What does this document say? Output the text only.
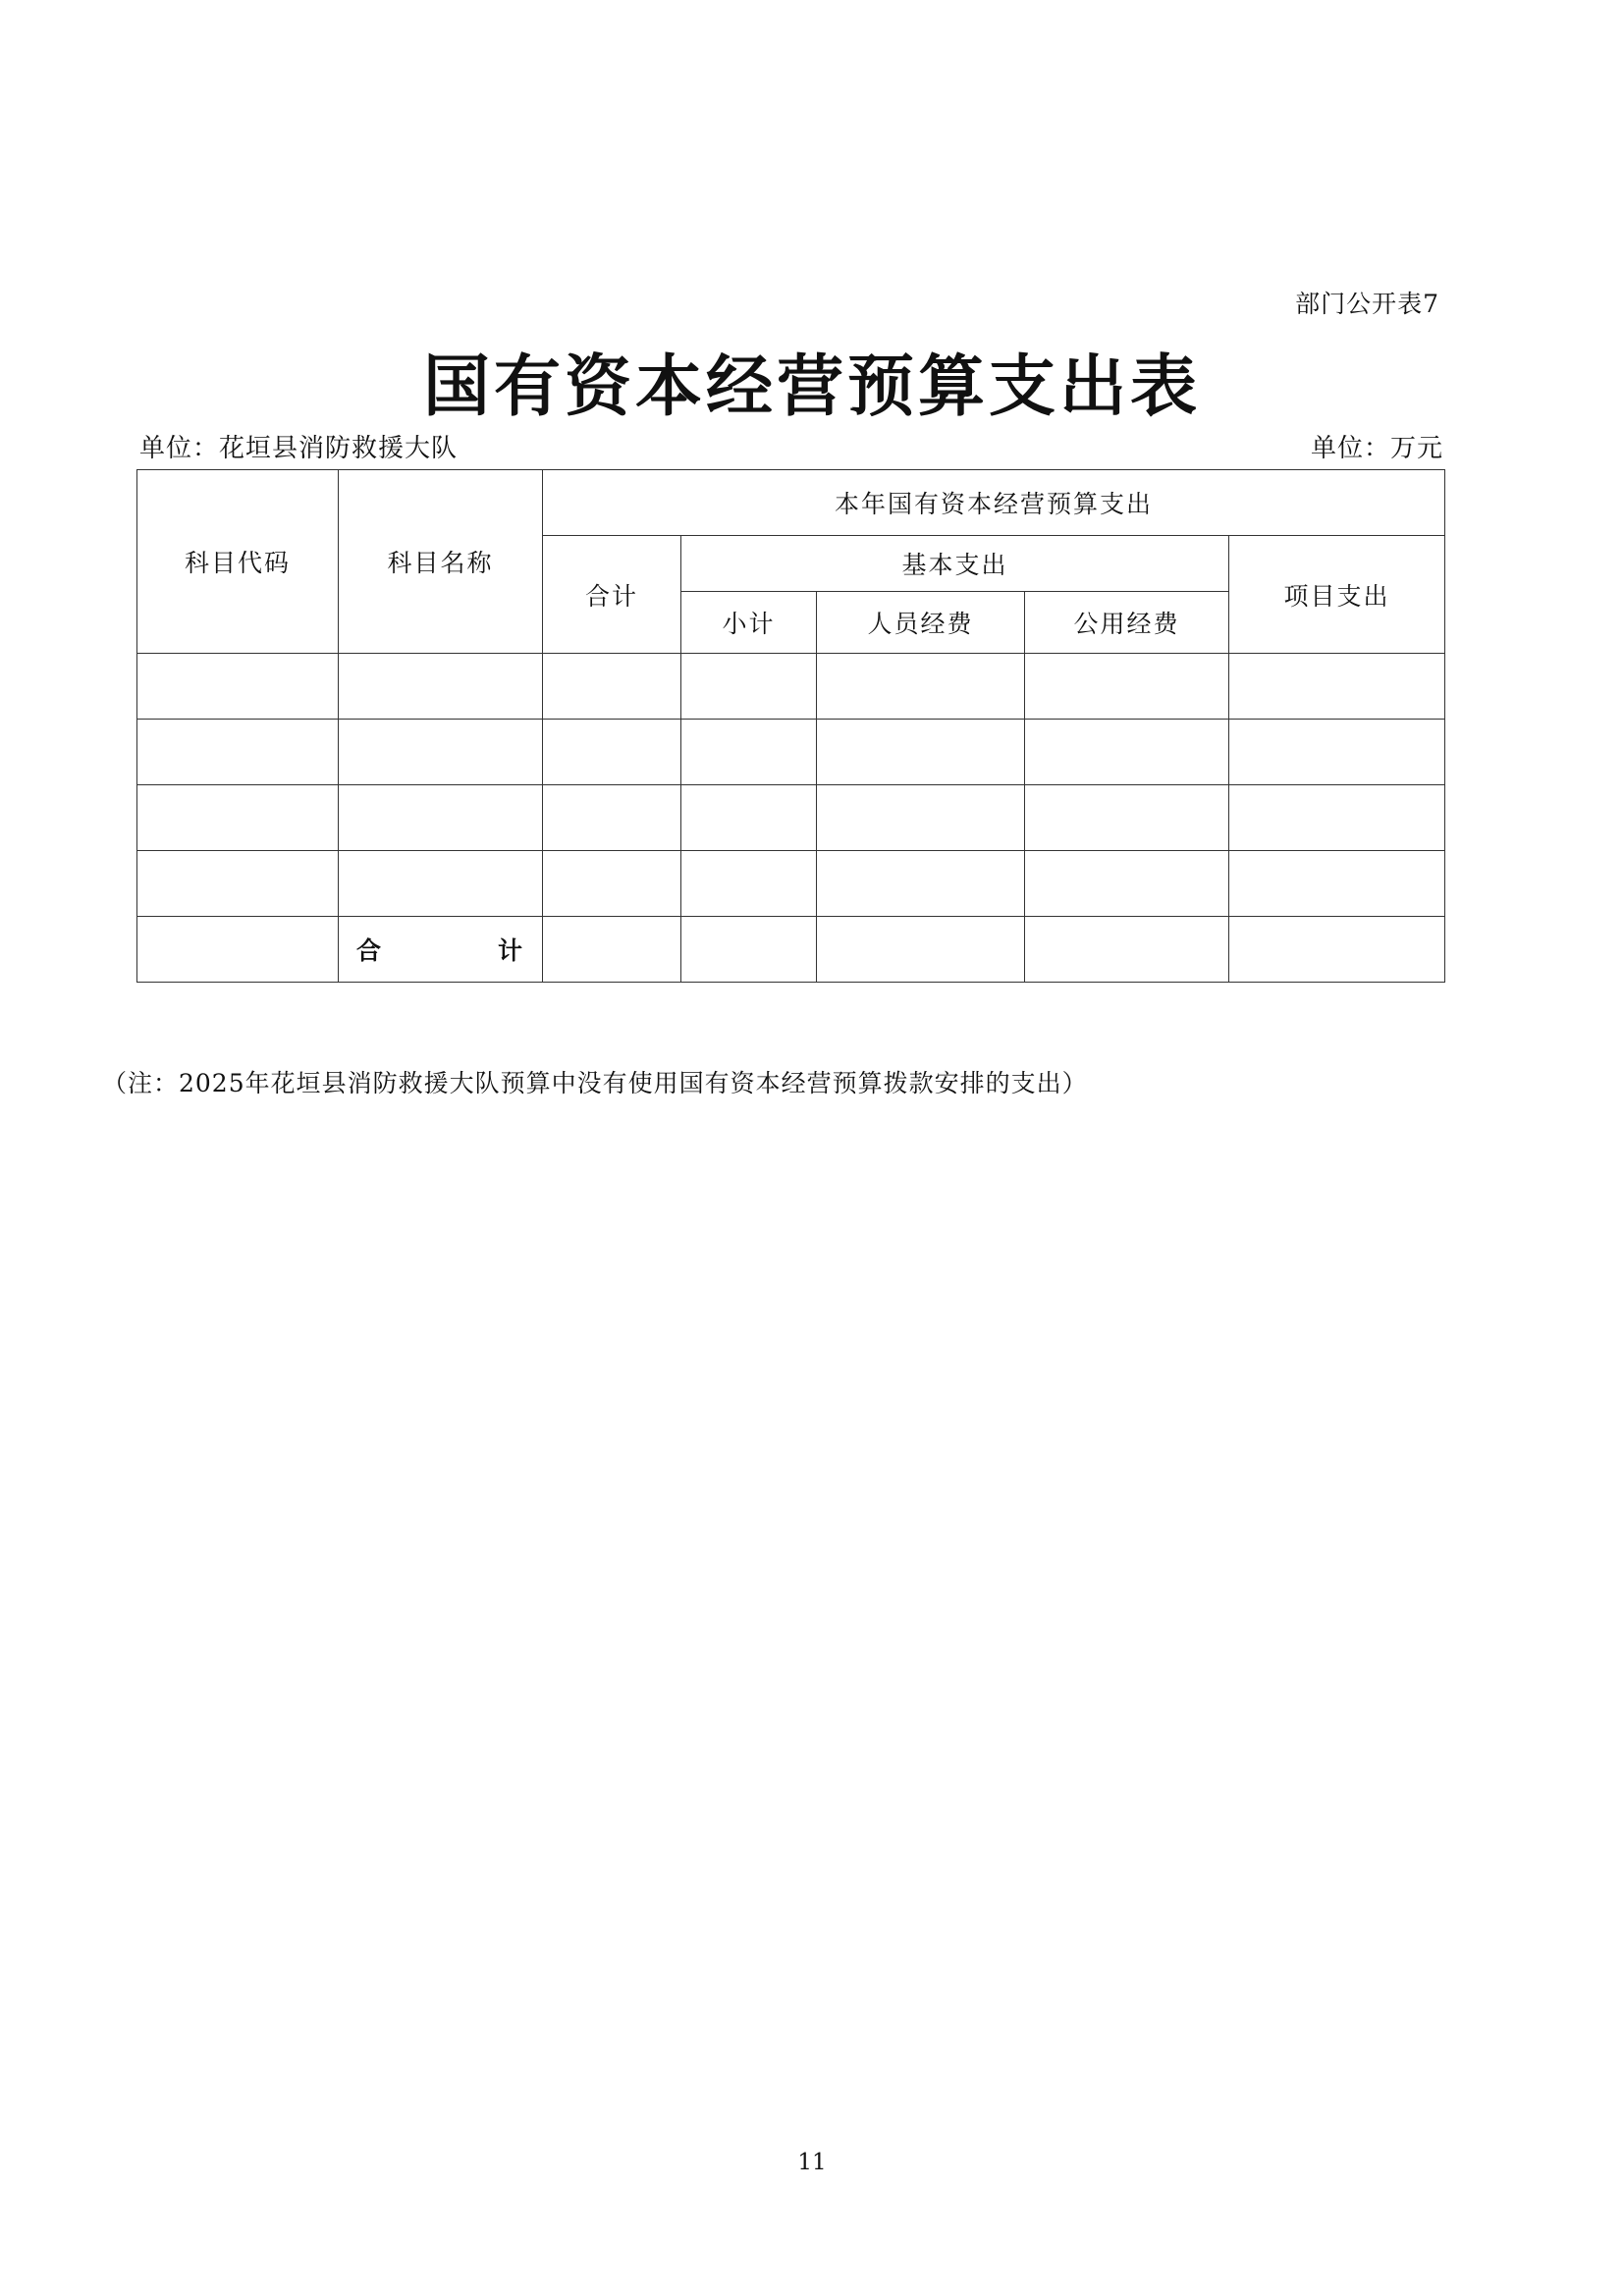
部门公开表7
国有资本经营预算支出表
单位：花垣县消防救援大队	单位：万元
科目代码	科目名称	本年国有资本经营预算支出				
		合计	基本支出			项目支出
			小计	人员经费	公用经费	

	合 计					

（注：2025年花垣县消防救援大队预算中没有使用国有资本经营预算拨款安排的支出）
11
